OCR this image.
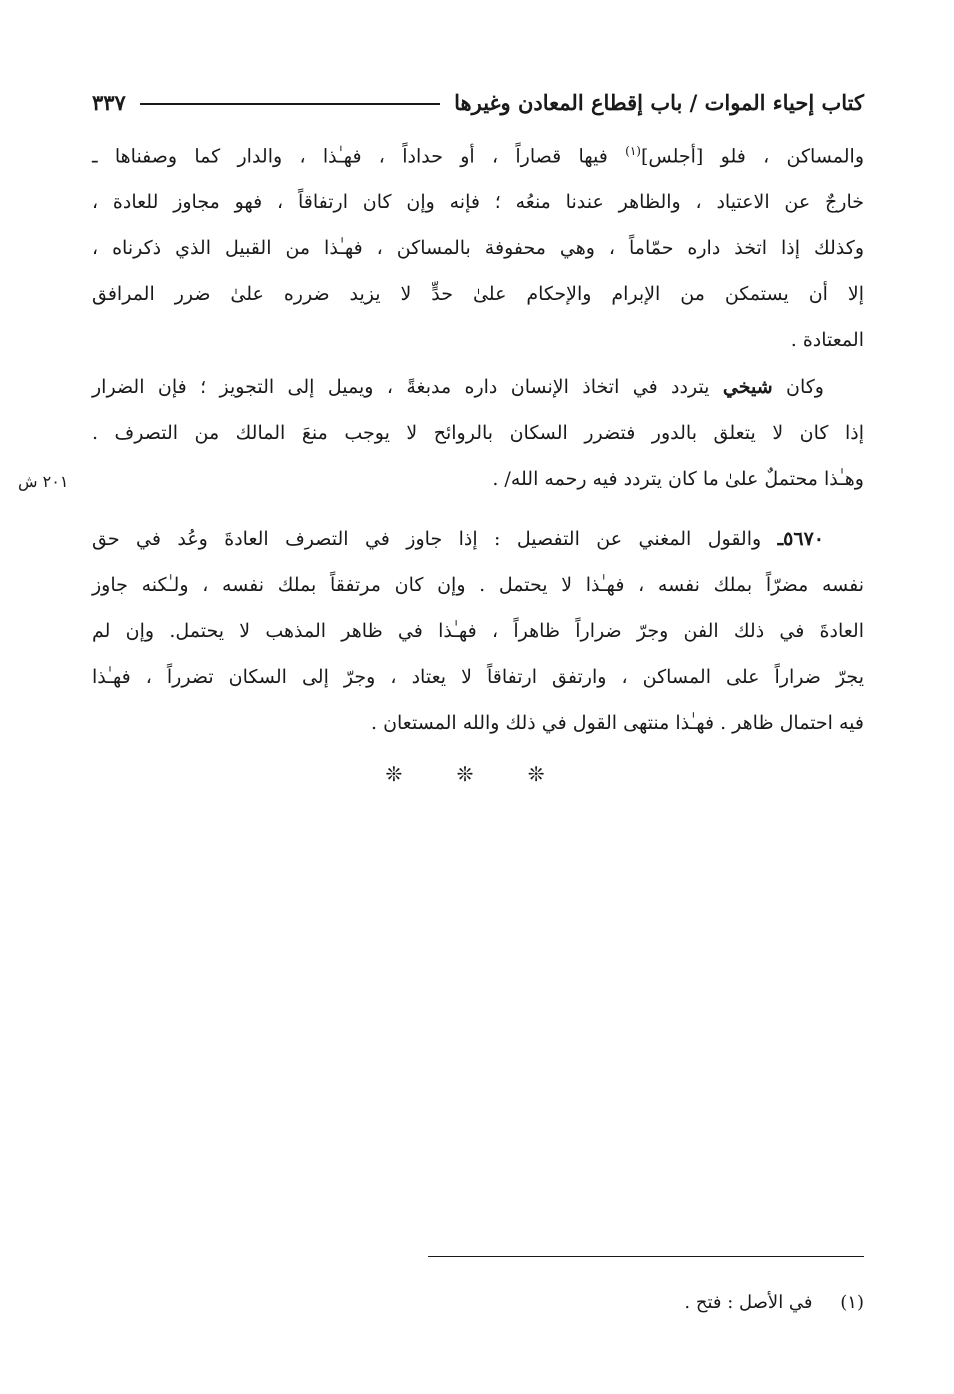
كتاب إحياء الموات / باب إقطاع المعادن وغيرها
٣٣٧
والمساكن ، فلو [أجلس]$^{(١)}$ فيها قصاراً ، أو حداداً ، فهـٰذا ، والدار كما وصفناها ـ
خارجٌ عن الاعتياد ، والظاهر عندنا منعُه ؛ فإنه وإن كان ارتفاقاً ، فهو مجاوز للعادة ،
وكذلك إذا اتخذ داره حمّاماً ، وهي محفوفة بالمساكن ، فهـٰذا من القبيل الذي ذكرناه ،
إلا أن يستمكن من الإبرام والإحكام علىٰ حدٍّ لا يزيد ضرره علىٰ ضرر المرافق
المعتادة .
وكان شيخي يتردد في اتخاذ الإنسان داره مدبغةً ، ويميل إلى التجويز ؛ فإن الضرار
إذا كان لا يتعلق بالدور فتضرر السكان بالروائح لا يوجب منعَ المالك من التصرف .
وهـٰذا محتملٌ علىٰ ما كان يتردد فيه رحمه الله/ .
٢٠١ ش
٥٦٧٠ـ والقول المغني عن التفصيل : إذا جاوز في التصرف العادةَ وعُد في حق
نفسه مضرّاً بملك نفسه ، فهـٰذا لا يحتمل . وإن كان مرتفقاً بملك نفسه ، ولـٰكنه جاوز
العادةَ في ذلك الفن وجرّ ضراراً ظاهراً ، فهـٰذا في ظاهر المذهب لا يحتمل. وإن لم
يجرّ ضراراً على المساكن ، وارتفق ارتفاقاً لا يعتاد ، وجرّ إلى السكان تضرراً ، فهـٰذا
فيه احتمال ظاهر . فهـٰذا منتهى القول في ذلك والله المستعان .
❊ ❊ ❊
(١) في الأصل : فتح .
